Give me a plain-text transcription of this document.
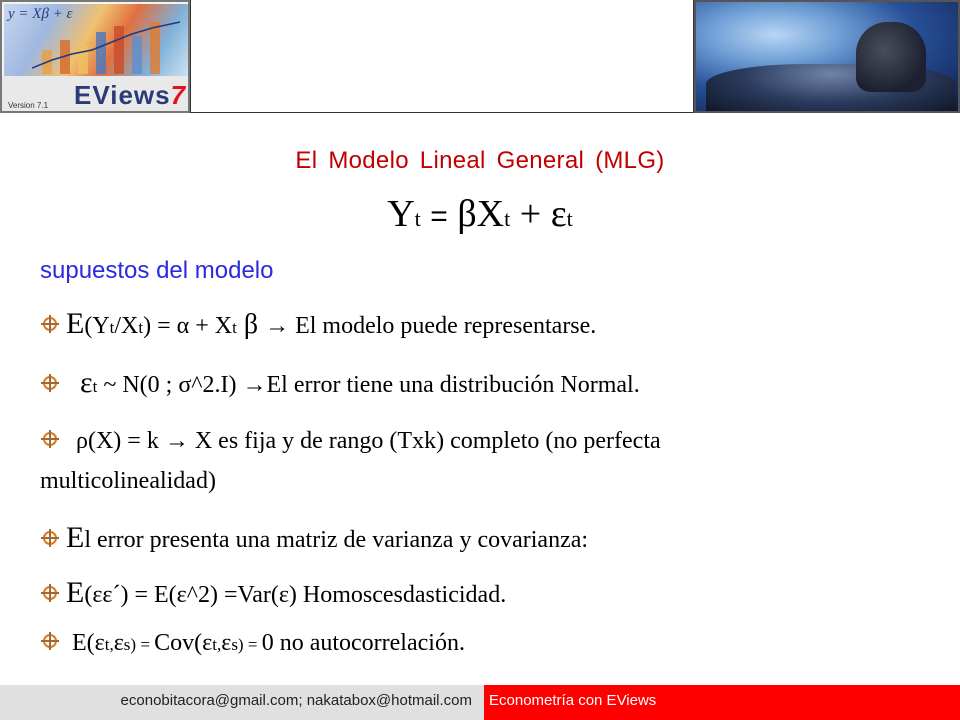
y = Xβ + ε
EViews7
Version 7.1
El Modelo Lineal General (MLG)
Yt = βXt + εt
supuestos del modelo
E(Yt/Xt) = α + Xt β → El modelo puede representarse.
εt ~ N(0 ; σ^2.I) →El error tiene una distribución Normal.
ρ(X) = k → X es fija y de rango (Txk) completo (no perfecta
multicolinealidad)
El error presenta una matriz de varianza y covarianza:
E(εε´) = E(ε^2) =Var(ε) Homoscesdasticidad.
E(εt,εs) = Cov(εt,εs) = 0 no autocorrelación.
econobitacora@gmail.com; nakatabox@hotmail.com	Econometría con EViews
